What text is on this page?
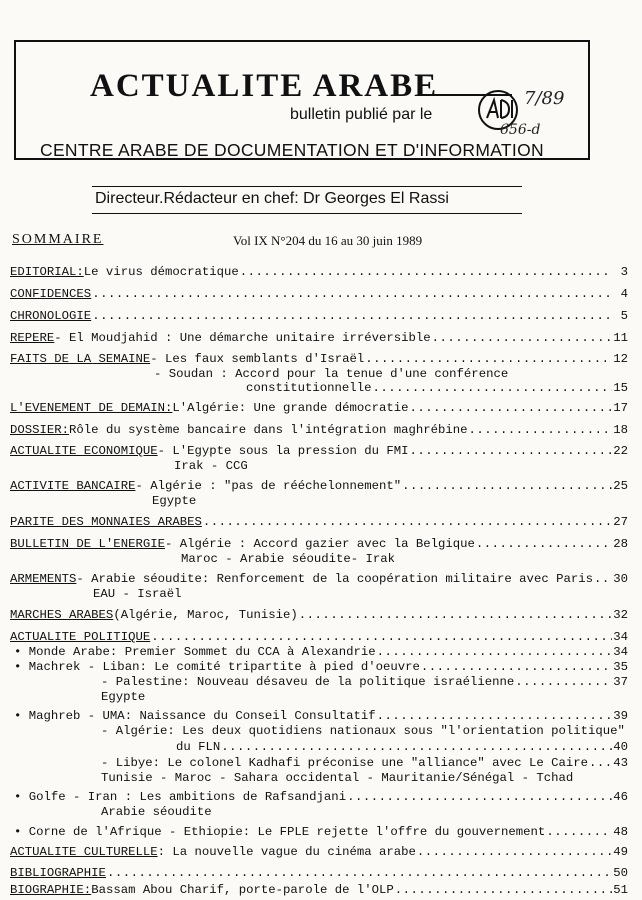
ACTUALITE ARABE
bulletin publié par le
7/89
656-d
CENTRE ARABE DE DOCUMENTATION ET D'INFORMATION
Directeur.Rédacteur en chef: Dr Georges El Rassi
SOMMAIRE	Vol IX N°204 du 16 au 30 juin 1989
EDITORIAL: Le virus démocratique .....	3
CONFIDENCES .....	4
CHRONOLOGIE .....	5
REPERE - El Moudjahid : Une démarche unitaire irréversible .....	11
FAITS DE LA SEMAINE - Les faux semblants d'Israël .....	12
- Soudan : Accord pour la tenue d'une conférence
constitutionnelle .....	15
L'EVENEMENT DE DEMAIN: L'Algérie: Une grande démocratie .....	17
DOSSIER: Rôle du système bancaire dans l'intégration maghrébine .....	18
ACTUALITE ECONOMIQUE - L'Egypte sous la pression du FMI .....	22
Irak - CCG
ACTIVITE BANCAIRE - Algérie : "pas de rééchelonnement" .....	25
Egypte
PARITE DES MONNAIES ARABES .....	27
BULLETIN DE L'ENERGIE - Algérie : Accord gazier avec la Belgique .....	28
Maroc - Arabie séoudite- Irak
ARMEMENTS - Arabie séoudite: Renforcement de la coopération militaire avec Paris ..... 30
EAU - Israël
MARCHES ARABES (Algérie, Maroc, Tunisie) .....	32
ACTUALITE POLITIQUE .....	34
• Monde Arabe: Premier Sommet du CCA à Alexandrie .....	34
• Machrek - Liban: Le comité tripartite à pied d'oeuvre .....	35
- Palestine: Nouveau désaveu de la politique israélienne .....	37
Egypte
• Maghreb - UMA: Naissance du Conseil Consultatif .....	39
- Algérie: Les deux quotidiens nationaux sous "l'orientation politique"
du FLN .....	40
- Libye: Le colonel Kadhafi préconise une "alliance" avec Le Caire ..... 43
Tunisie - Maroc - Sahara occidental - Mauritanie/Sénégal - Tchad
• Golfe - Iran : Les ambitions de Rafsandjani .....	46
Arabie séoudite
• Corne de l'Afrique - Ethiopie: Le FPLE rejette l'offre du gouvernement .....	48
ACTUALITE CULTURELLE : La nouvelle vague du cinéma arabe .....	49
BIBLIOGRAPHIE .....	50
BIOGRAPHIE: Bassam Abou Charif, porte-parole de l'OLP .....	51
